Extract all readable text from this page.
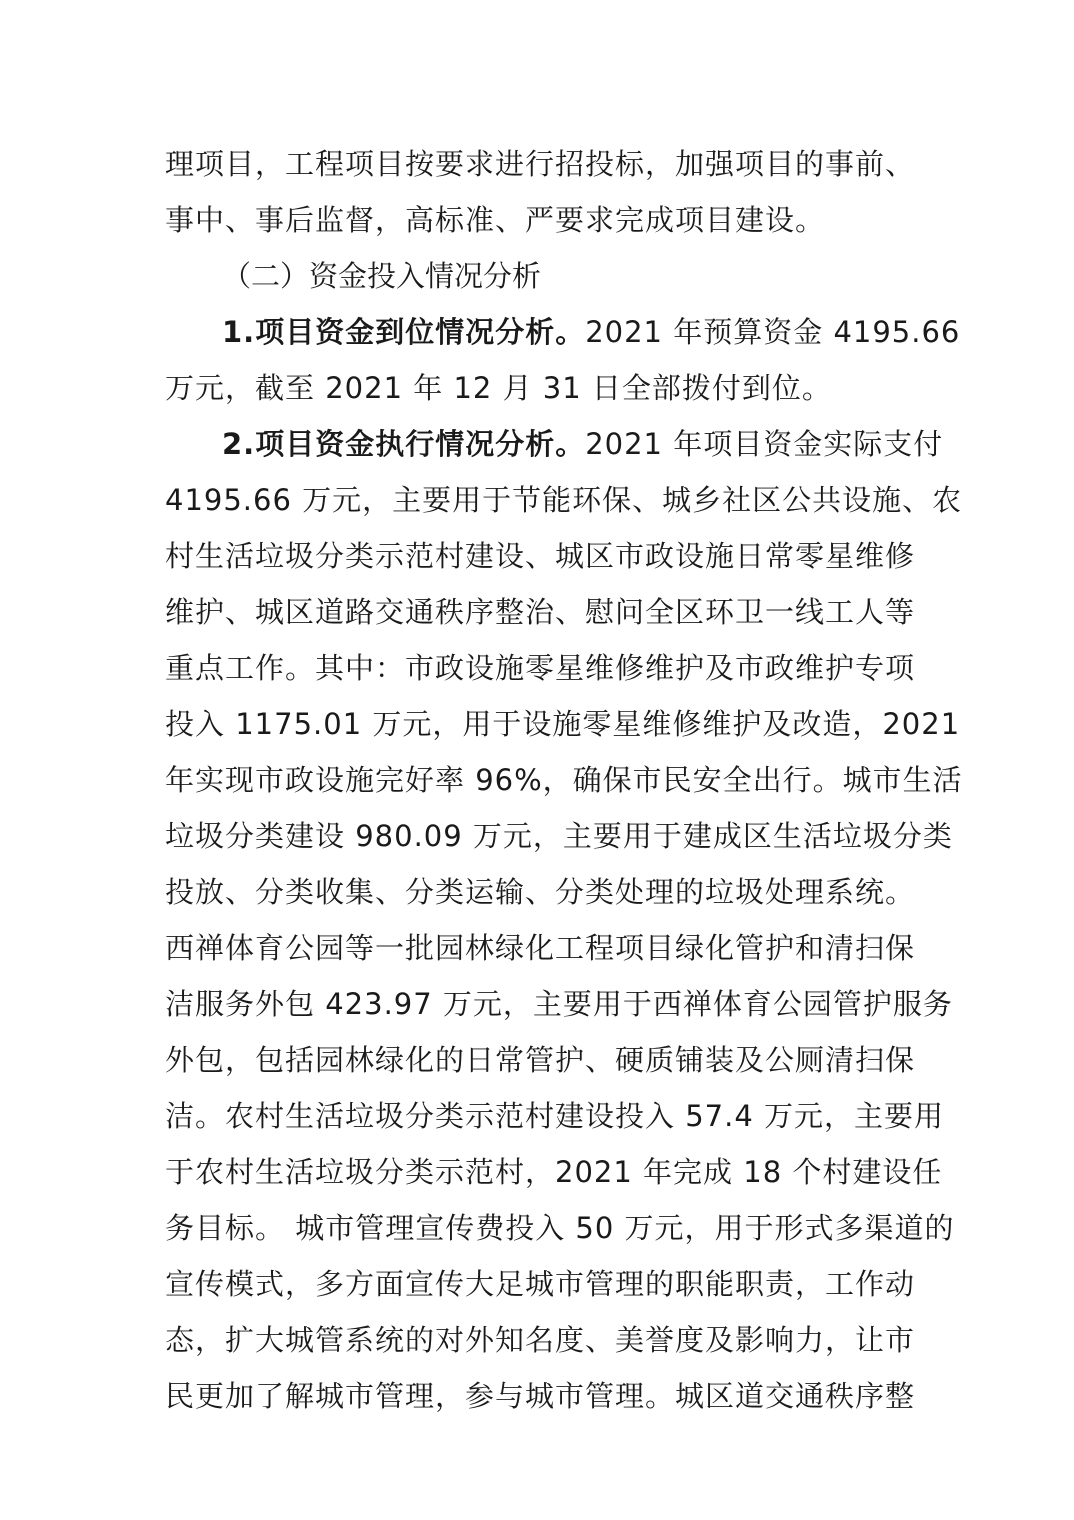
理项目，工程项目按要求进行招投标，加强项目的事前、
事中、事后监督，高标准、严要求完成项目建设。
（二）资金投入情况分析
1.项目资金到位情况分析。2021 年预算资金 4195.66
万元，截至 2021 年 12 月 31 日全部拨付到位。
2.项目资金执行情况分析。2021 年项目资金实际支付
4195.66 万元，主要用于节能环保、城乡社区公共设施、农
村生活垃圾分类示范村建设、城区市政设施日常零星维修
维护、城区道路交通秩序整治、慰问全区环卫一线工人等
重点工作。其中：市政设施零星维修维护及市政维护专项
投入 1175.01 万元，用于设施零星维修维护及改造，2021
年实现市政设施完好率 96%，确保市民安全出行。城市生活
垃圾分类建设 980.09 万元，主要用于建成区生活垃圾分类
投放、分类收集、分类运输、分类处理的垃圾处理系统。
西禅体育公园等一批园林绿化工程项目绿化管护和清扫保
洁服务外包 423.97 万元，主要用于西禅体育公园管护服务
外包，包括园林绿化的日常管护、硬质铺装及公厕清扫保
洁。农村生活垃圾分类示范村建设投入 57.4 万元，主要用
于农村生活垃圾分类示范村，2021 年完成 18 个村建设任
务目标。 城市管理宣传费投入 50 万元，用于形式多渠道的
宣传模式，多方面宣传大足城市管理的职能职责，工作动
态，扩大城管系统的对外知名度、美誉度及影响力，让市
民更加了解城市管理，参与城市管理。城区道交通秩序整
